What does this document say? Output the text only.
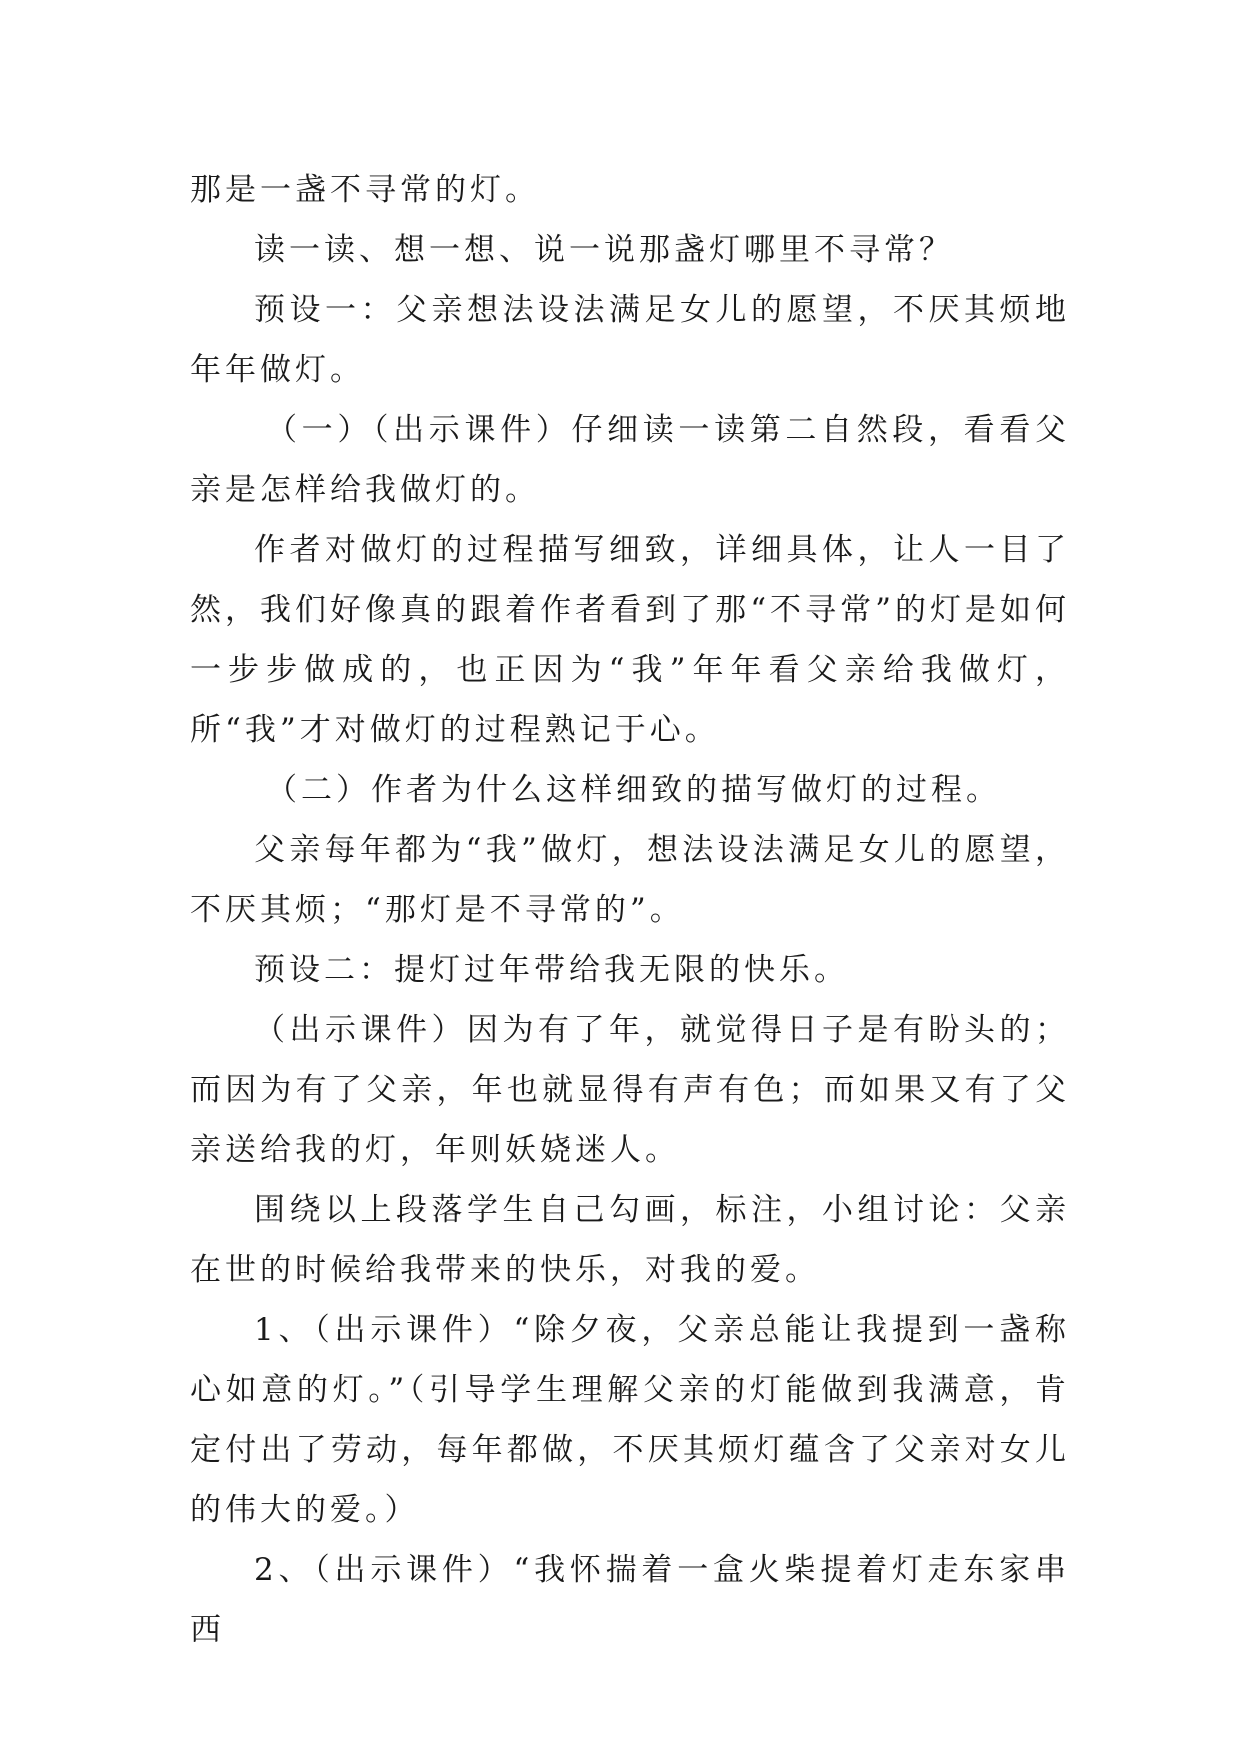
那是一盏不寻常的灯。

读一读、想一想、说一说那盏灯哪里不寻常？

预设一：父亲想法设法满足女儿的愿望，不厌其烦地年年做灯。

（一）（出示课件）仔细读一读第二自然段，看看父亲是怎样给我做灯的。

作者对做灯的过程描写细致，详细具体，让人一目了然，我们好像真的跟着作者看到了那“不寻常”的灯是如何一步步做成的，也正因为“我”年年看父亲给我做灯，所“我”才对做灯的过程熟记于心。

（二）作者为什么这样细致的描写做灯的过程。

父亲每年都为“我”做灯，想法设法满足女儿的愿望，不厌其烦；“那灯是不寻常的”。

预设二：提灯过年带给我无限的快乐。

（出示课件）因为有了年，就觉得日子是有盼头的；而因为有了父亲，年也就显得有声有色；而如果又有了父亲送给我的灯，年则妖娆迷人。

围绕以上段落学生自己勾画，标注，小组讨论：父亲在世的时候给我带来的快乐，对我的爱。

1、（出示课件）“除夕夜，父亲总能让我提到一盏称心如意的灯。”（引导学生理解父亲的灯能做到我满意，肯定付出了劳动，每年都做，不厌其烦灯蕴含了父亲对女儿的伟大的爱。）

2、（出示课件）“我怀揣着一盒火柴提着灯走东家串西
